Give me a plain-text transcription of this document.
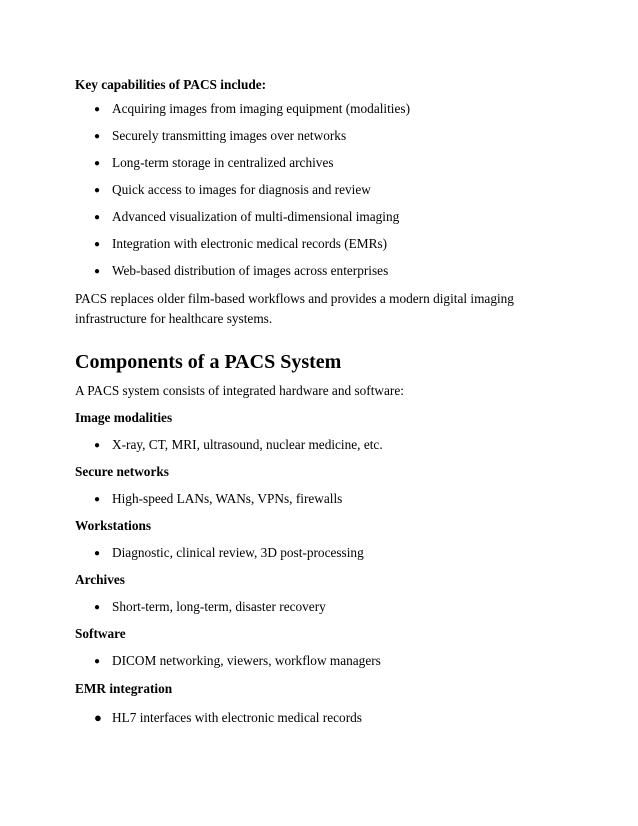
Key capabilities of PACS include:
● Acquiring images from imaging equipment (modalities)
● Securely transmitting images over networks
● Long-term storage in centralized archives
● Quick access to images for diagnosis and review
● Advanced visualization of multi-dimensional imaging
● Integration with electronic medical records (EMRs)
● Web-based distribution of images across enterprises
PACS replaces older film-based workflows and provides a modern digital imaging infrastructure for healthcare systems.
Components of a PACS System
A PACS system consists of integrated hardware and software:
Image modalities
● X-ray, CT, MRI, ultrasound, nuclear medicine, etc.
Secure networks
● High-speed LANs, WANs, VPNs, firewalls
Workstations
● Diagnostic, clinical review, 3D post-processing
Archives
● Short-term, long-term, disaster recovery
Software
● DICOM networking, viewers, workflow managers
EMR integration
● HL7 interfaces with electronic medical records
